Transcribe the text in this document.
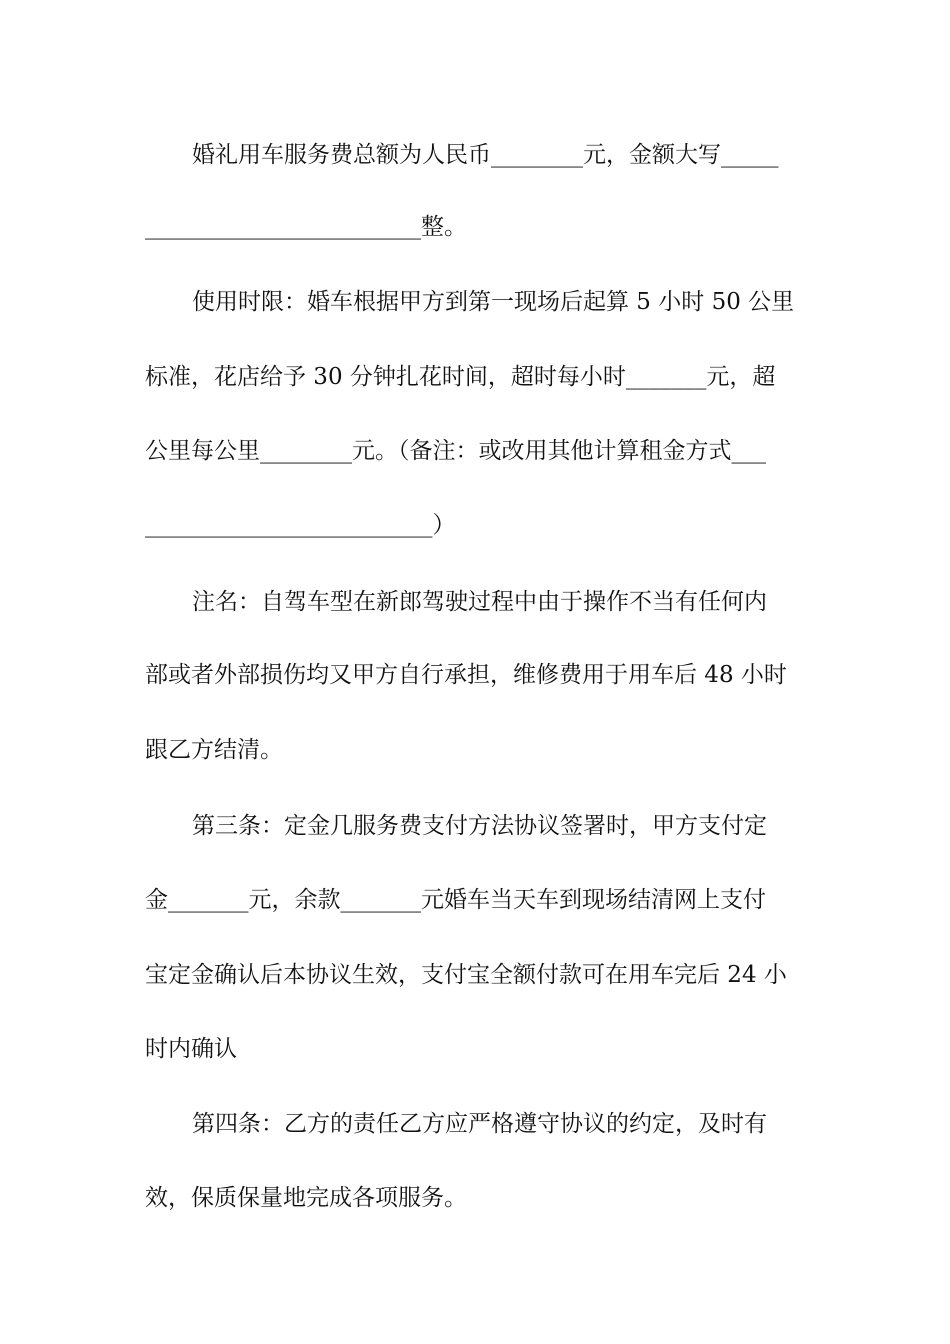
婚礼用车服务费总额为人民币________元，金额大写_____
________________________整。
使用时限：婚车根据甲方到第一现场后起算 5 小时 50 公里
标准，花店给予 30 分钟扎花时间，超时每小时_______元，超
公里每公里________元。（备注：或改用其他计算租金方式___
_________________________）
注名：自驾车型在新郎驾驶过程中由于操作不当有任何内
部或者外部损伤均又甲方自行承担，维修费用于用车后 48 小时
跟乙方结清。
第三条：定金几服务费支付方法协议签署时，甲方支付定
金_______元，余款_______元婚车当天车到现场结清网上支付
宝定金确认后本协议生效，支付宝全额付款可在用车完后 24 小
时内确认
第四条：乙方的责任乙方应严格遵守协议的约定，及时有
效，保质保量地完成各项服务。
